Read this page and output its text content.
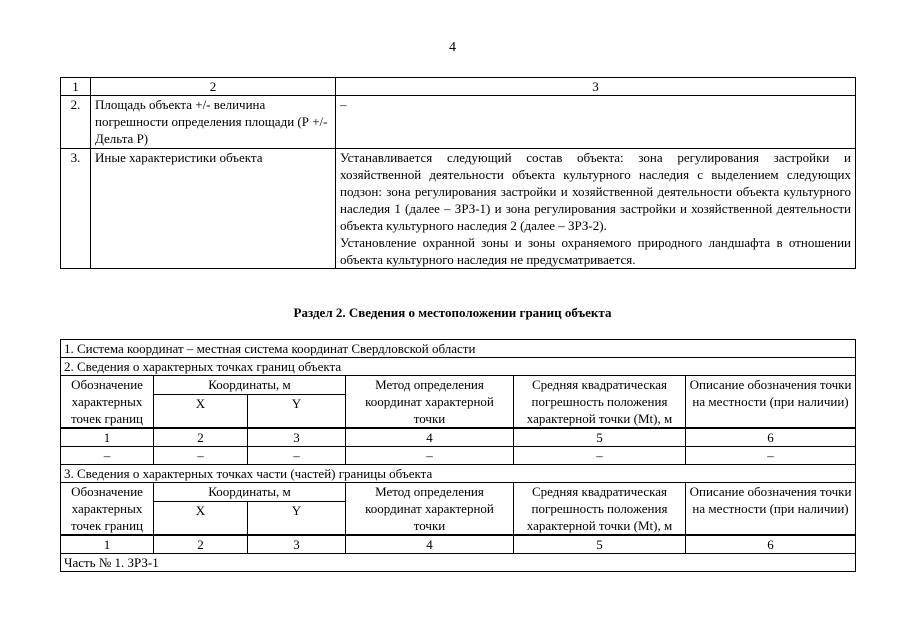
4
1	2	3
2.	Площадь объекта +/- величина погрешности определения площади (Р +/- Дельта Р)	–

3.	Иные характеристики объекта	Устанавливается следующий состав объекта: зона регулирования застройки и хозяйственной деятельности объекта культурного наследия с выделением следующих подзон: зона регулирования застройки и хозяйственной деятельности объекта культурного наследия 1 (далее – ЗРЗ-1) и зона регулирования застройки и хозяйственной деятельности объекта культурного наследия 2 (далее – ЗРЗ-2).
Установление охранной зоны и зоны охраняемого природного ландшафта в отношении объекта культурного наследия не предусматривается.
Раздел 2. Сведения о местоположении границ объекта
1. Система координат – местная система координат Свердловской области					
2. Сведения о характерных точках границ объекта					
Обозначение характерных точек границ	Координаты, м		Метод определения координат характерной точки	Средняя квадратическая погрешность положения характерной точки (Mt), м	Описание обозначения точки на местности (при наличии)
	X	Y			
1	2	3	4	5	6
–	–	–	–	–	–
3. Сведения о характерных точках части (частей) границы объекта					
Обозначение характерных точек границ	Координаты, м		Метод определения координат характерной точки	Средняя квадратическая погрешность положения характерной точки (Mt), м	Описание обозначения точки на местности (при наличии)
	X	Y			
1	2	3	4	5	6
Часть № 1. ЗРЗ-1					
